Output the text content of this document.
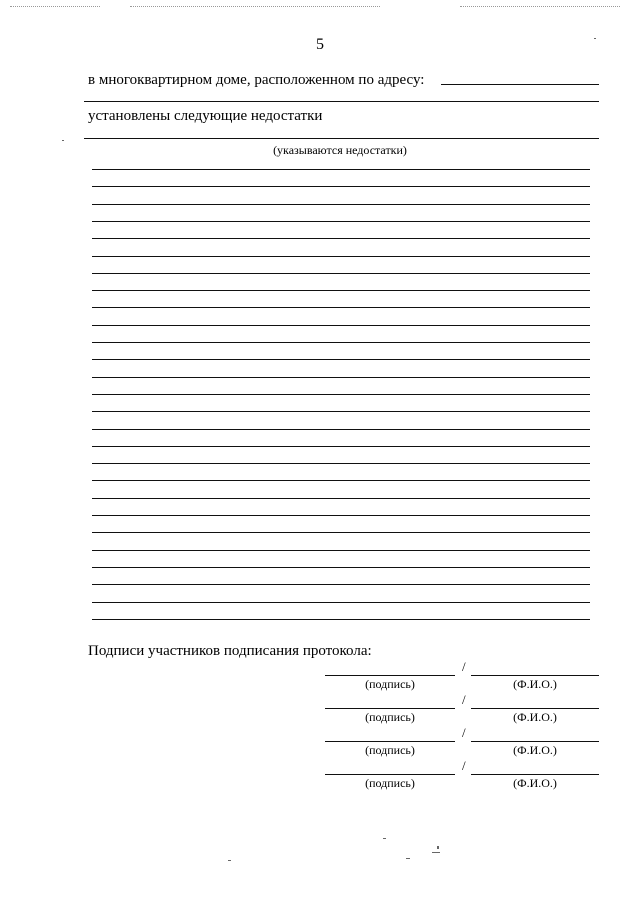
5
в многоквартирном доме, расположенном по адресу:
установлены следующие недостатки
(указываются недостатки)
Подписи участников подписания протокола:
/
(подпись)	(Ф.И.О.)
/
(подпись)	(Ф.И.О.)
/
(подпись)	(Ф.И.О.)
/
(подпись)	(Ф.И.О.)
